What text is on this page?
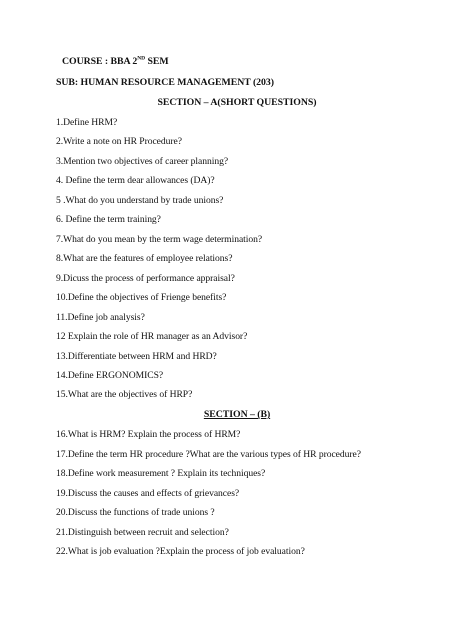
COURSE : BBA 2ND SEM
SUB: HUMAN RESOURCE MANAGEMENT (203)
SECTION – A(SHORT QUESTIONS)
1.Define HRM?
2.Write a note on HR Procedure?
3.Mention two objectives of career planning?
4. Define the term dear allowances (DA)?
5 .What do you understand by trade unions?
6. Define the term training?
7.What do you mean by the term wage determination?
8.What are the features of employee relations?
9.Dicuss the process of performance appraisal?
10.Define the objectives of Frienge benefits?
11.Define job analysis?
12 Explain the role of HR manager as an Advisor?
13.Differentiate between HRM and HRD?
14.Define ERGONOMICS?
15.What are the objectives of HRP?
SECTION – (B)
16.What is HRM? Explain the process of HRM?
17.Define the term HR procedure ?What are the various types of HR procedure?
18.Define work measurement ? Explain its techniques?
19.Discuss the causes and effects of grievances?
20.Discuss the functions of trade unions ?
21.Distinguish between recruit and selection?
22.What is job evaluation ?Explain the process of job evaluation?
